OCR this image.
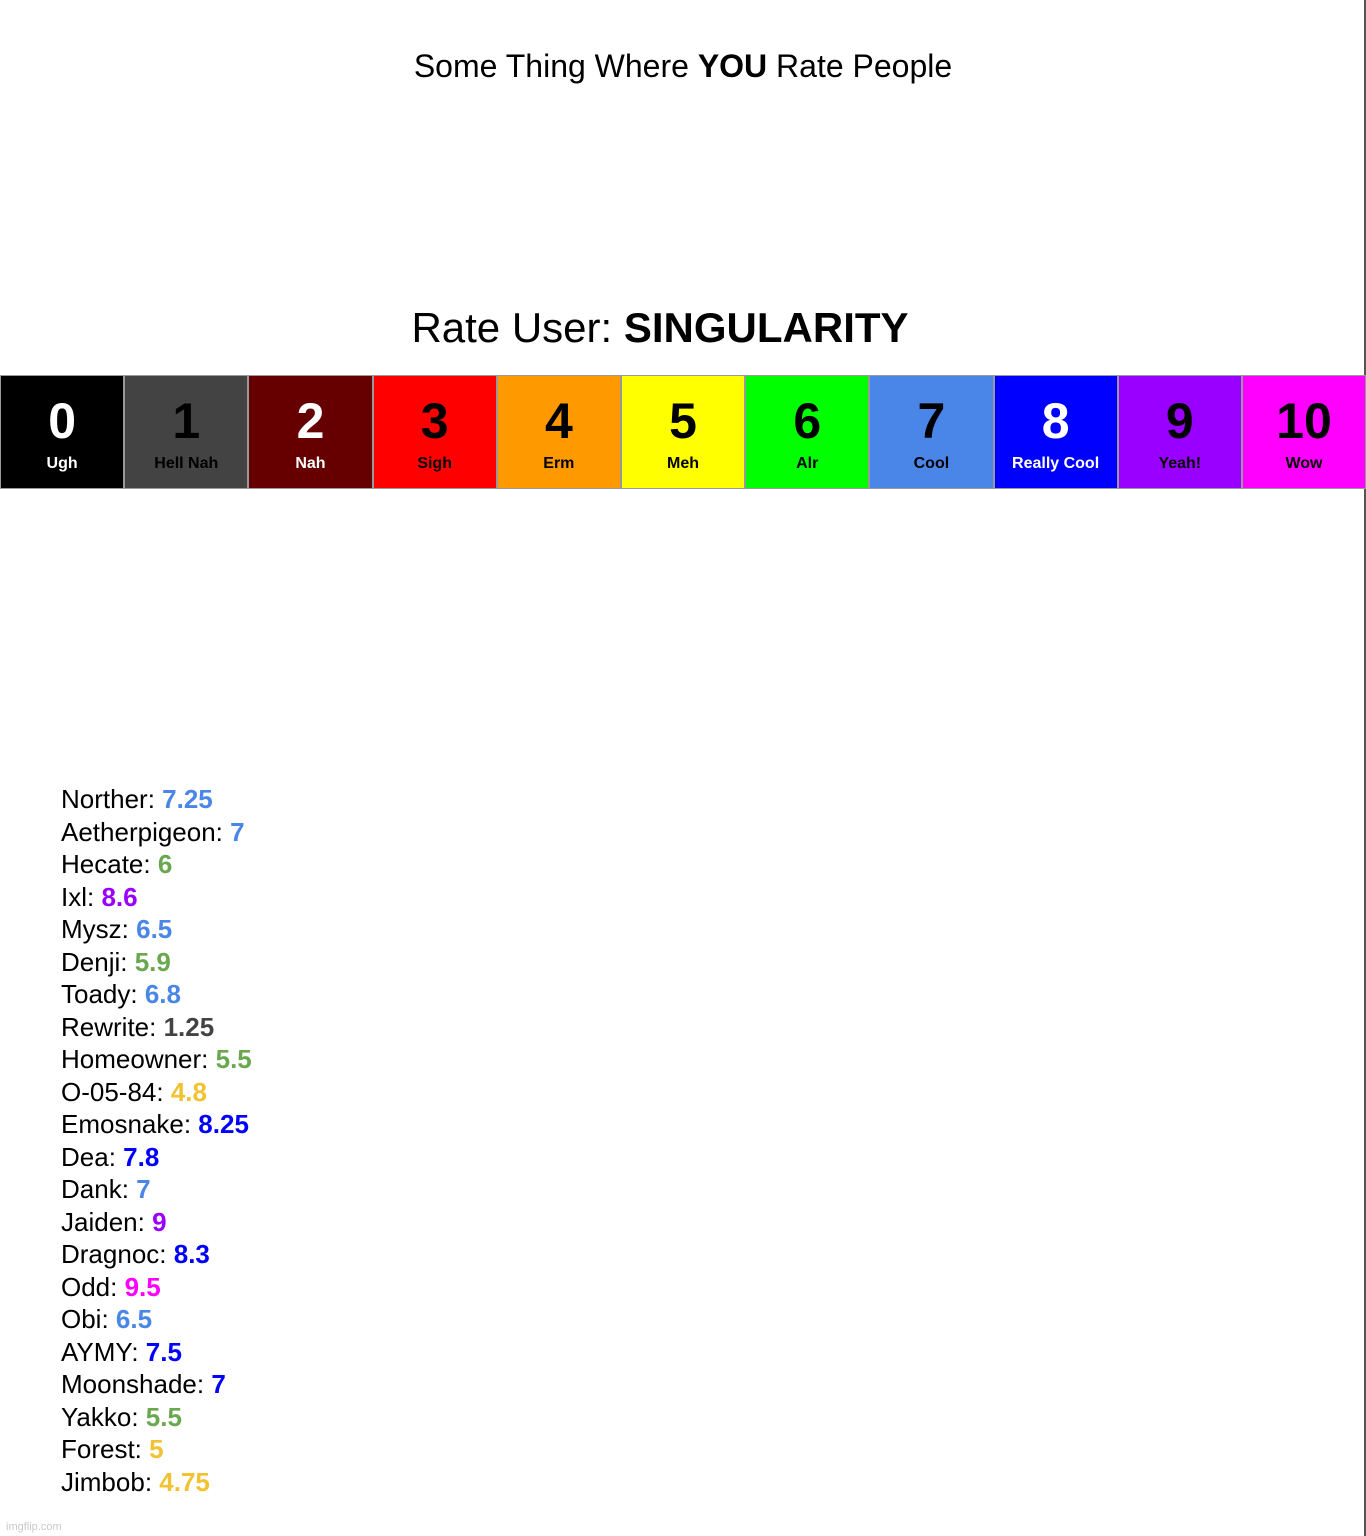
Some Thing Where YOU Rate People
Rate User: SINGULARITY
0
Ugh
1
Hell Nah
2
Nah
3
Sigh
4
Erm
5
Meh
6
Alr
7
Cool
8
Really Cool
9
Yeah!
10
Wow
Norther: 7.25
Aetherpigeon: 7
Hecate: 6
Ixl: 8.6
Mysz: 6.5
Denji: 5.9
Toady: 6.8
Rewrite: 1.25
Homeowner: 5.5
O-05-84: 4.8
Emosnake: 8.25
Dea: 7.8
Dank: 7
Jaiden: 9
Dragnoc: 8.3
Odd: 9.5
Obi: 6.5
AYMY: 7.5
Moonshade: 7
Yakko: 5.5
Forest: 5
Jimbob: 4.75
imgflip.com
